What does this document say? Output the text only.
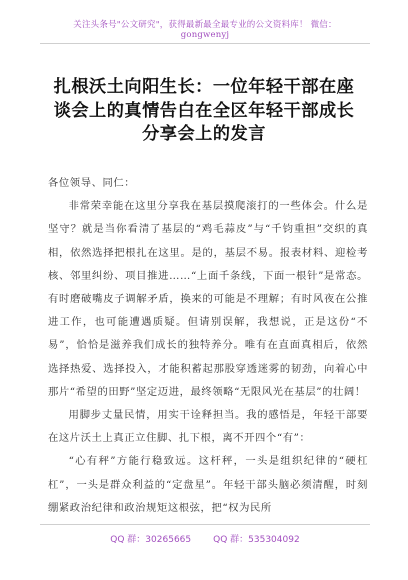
关注头条号"公文研究"，获得最新最全最专业的公文资料库！ 微信：gongwenyj
扎根沃土向阳生长：一位年轻干部在座谈会上的真情告白在全区年轻干部成长分享会上的发言

各位领导、同仁：

非常荣幸能在这里分享我在基层摸爬滚打的一些体会。什么是坚守？就是当你看清了基层的“鸡毛蒜皮”与“千钧重担”交织的真相，依然选择把根扎在这里。是的，基层不易。报表材料、迎检考核、邻里纠纷、项目推进……“上面千条线，下面一根针”是常态。有时磨破嘴皮子调解矛盾，换来的可能是不理解；有时风夜在公推进工作，也可能遭遇质疑。但请别误解，我想说，正是这份“不易”，恰恰是滋养我们成长的独特养分。唯有在直面真相后，依然选择热爱、选择投入，才能积蓄起那股穿透迷雾的韧劲，向着心中那片“希望的田野”坚定迈进，最终领略“无限风光在基层”的壮阔！

用脚步丈量民情，用实干诠释担当。我的感悟是，年轻干部要在这片沃土上真正立住脚、扎下根，离不开四个“有”：

“心有秤”方能行稳致远。这杆秤，一头是组织纪律的“硬杠杠”，一头是群众利益的“定盘星”。年轻干部头脑必须清醒，时刻绷紧政治纪律和政治规矩这根弦，把“权为民所

QQ 群：30265665 QQ 群：535304092
